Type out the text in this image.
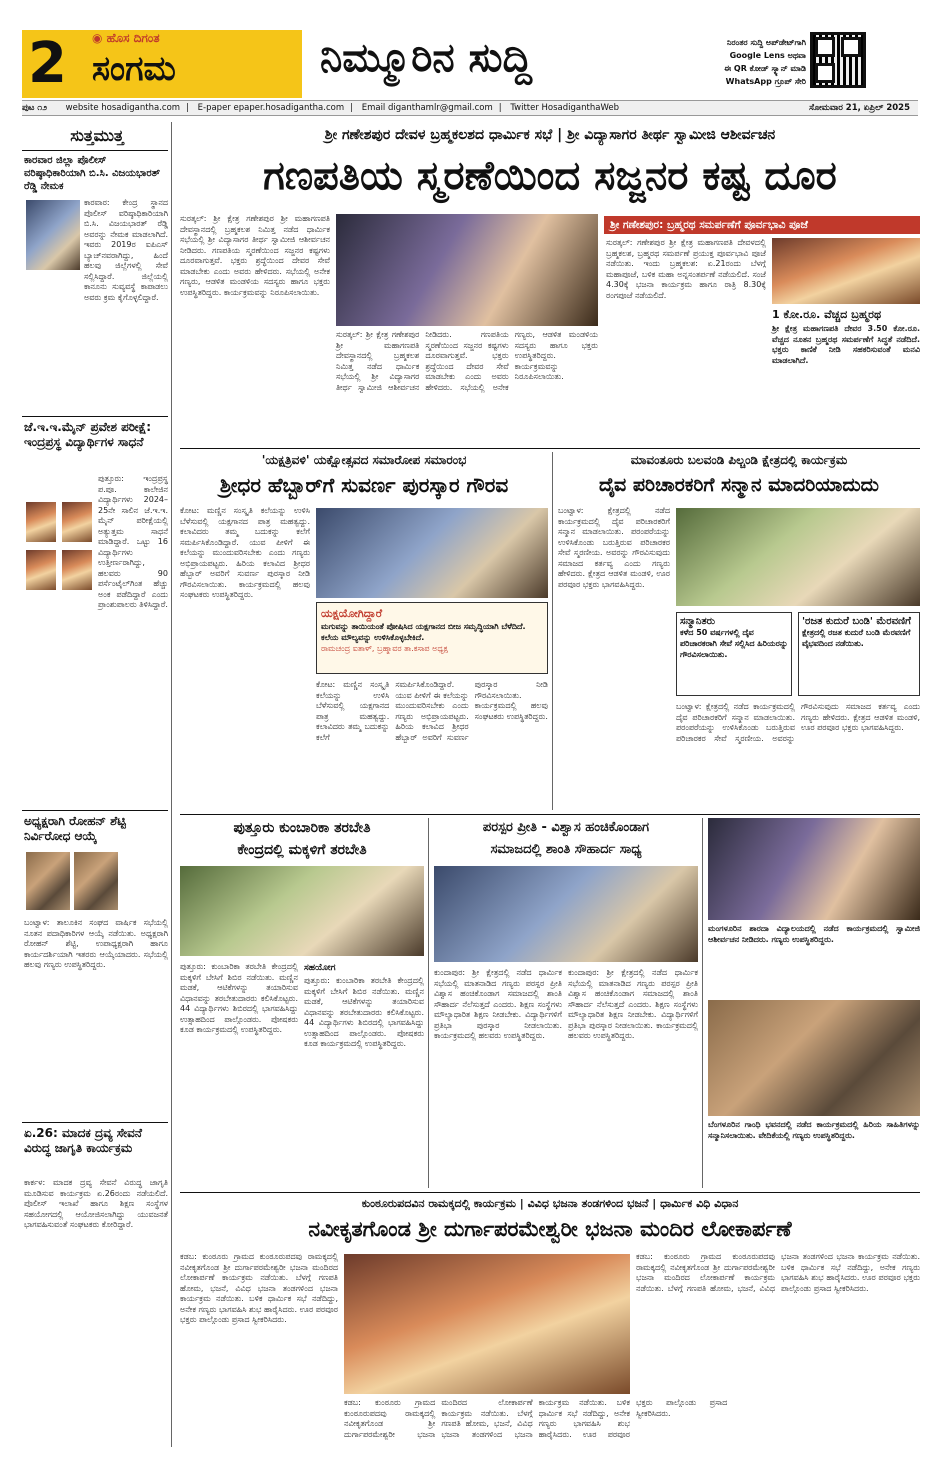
2 ◉ ಹೊಸ ದಿಗಂತ
ಸಂಗಮ	ನಿಮ್ಮೂರಿನ ಸುದ್ದಿ	ನಿರಂತರ ಸುದ್ದಿ ಅಪ್‌ಡೇಟ್‌ಗಾಗಿ
Google Lens ಅಥವಾ
ಈ QR ಕೋಡ್ ಸ್ಕ್ಯಾನ್ ಮಾಡಿ
WhatsApp ಗ್ರೂಪ್ ಸೇರಿ
ಪುಟ ೧೨ website hosadigantha.com | E-paper epaper.hosadigantha.com | Email diganthamlr@gmail.com | Twitter HosadiganthaWeb	ಸೋಮವಾರ 21, ಏಪ್ರಿಲ್ 2025
ಸುತ್ತಮುತ್ತ
ಕಾರವಾರ ಜಿಲ್ಲಾ ಪೊಲೀಸ್ ವರಿಷ್ಠಾಧಿಕಾರಿಯಾಗಿ ಬಿ.ಸಿ. ವಿಜಯಭಾರತ್ ರೆಡ್ಡಿ ನೇಮಕ
ಕಾರವಾರ: ಕೇಂದ್ರ ಸ್ಥಾನದ ಪೊಲೀಸ್ ವರಿಷ್ಠಾಧಿಕಾರಿಯಾಗಿ ಬಿ.ಸಿ. ವಿಜಯಭಾರತ್ ರೆಡ್ಡಿ ಅವರನ್ನು ನೇಮಕ ಮಾಡಲಾಗಿದೆ. ಇವರು 2019ರ ಐಪಿಎಸ್ ಬ್ಯಾಚ್‌ನವರಾಗಿದ್ದು, ಹಿಂದೆ ಹಲವು ಜಿಲ್ಲೆಗಳಲ್ಲಿ ಸೇವೆ ಸಲ್ಲಿಸಿದ್ದಾರೆ. ಜಿಲ್ಲೆಯಲ್ಲಿ ಕಾನೂನು ಸುವ್ಯವಸ್ಥೆ ಕಾಪಾಡಲು ಅವರು ಕ್ರಮ ಕೈಗೊಳ್ಳಲಿದ್ದಾರೆ.
ಜೆ.ಇ.ಇ.ಮೈನ್ ಪ್ರವೇಶ ಪರೀಕ್ಷೆ: ಇಂದ್ರಪ್ರಸ್ಥ ವಿದ್ಯಾರ್ಥಿಗಳ ಸಾಧನೆ
ಪುತ್ತೂರು: ಇಂದ್ರಪ್ರಸ್ಥ ಪ.ಪೂ. ಕಾಲೇಜಿನ ವಿದ್ಯಾರ್ಥಿಗಳು 2024–25ನೇ ಸಾಲಿನ ಜೆ.ಇ.ಇ. ಮೈನ್ ಪರೀಕ್ಷೆಯಲ್ಲಿ ಅತ್ಯುತ್ತಮ ಸಾಧನೆ ಮಾಡಿದ್ದಾರೆ. ಒಟ್ಟು 16 ವಿದ್ಯಾರ್ಥಿಗಳು ಉತ್ತೀರ್ಣರಾಗಿದ್ದು, ಹಲವರು 90 ಪರ್ಸೆಂಟೈಲ್‌ಗಿಂತ ಹೆಚ್ಚು ಅಂಕ ಪಡೆದಿದ್ದಾರೆ ಎಂದು ಪ್ರಾಂಶುಪಾಲರು ತಿಳಿಸಿದ್ದಾರೆ.
ಅಧ್ಯಕ್ಷರಾಗಿ ರೋಹನ್ ಶೆಟ್ಟಿ ನಿರ್ವಿರೋಧ ಆಯ್ಕೆ
ಬಂಟ್ವಾಳ: ತಾಲೂಕಿನ ಸಂಘದ ವಾರ್ಷಿಕ ಸಭೆಯಲ್ಲಿ ನೂತನ ಪದಾಧಿಕಾರಿಗಳ ಆಯ್ಕೆ ನಡೆಯಿತು. ಅಧ್ಯಕ್ಷರಾಗಿ ರೋಹನ್ ಶೆಟ್ಟಿ, ಉಪಾಧ್ಯಕ್ಷರಾಗಿ ಹಾಗೂ ಕಾರ್ಯದರ್ಶಿಯಾಗಿ ಇತರರು ಆಯ್ಕೆಯಾದರು. ಸಭೆಯಲ್ಲಿ ಹಲವು ಗಣ್ಯರು ಉಪಸ್ಥಿತರಿದ್ದರು.
ಏ.26: ಮಾದಕ ದ್ರವ್ಯ ಸೇವನೆ ವಿರುದ್ಧ ಜಾಗೃತಿ ಕಾರ್ಯಕ್ರಮ
ಕಾರ್ಕಳ: ಮಾದಕ ದ್ರವ್ಯ ಸೇವನೆ ವಿರುದ್ಧ ಜಾಗೃತಿ ಮೂಡಿಸುವ ಕಾರ್ಯಕ್ರಮ ಏ.26ರಂದು ನಡೆಯಲಿದೆ. ಪೊಲೀಸ್ ಇಲಾಖೆ ಹಾಗೂ ಶಿಕ್ಷಣ ಸಂಸ್ಥೆಗಳ ಸಹಯೋಗದಲ್ಲಿ ಆಯೋಜಿಸಲಾಗಿದ್ದು ಯುವಜನತೆ ಭಾಗವಹಿಸುವಂತೆ ಸಂಘಟಕರು ಕೋರಿದ್ದಾರೆ.
ಶ್ರೀ ಗಣೇಶಪುರ ದೇವಳ ಬ್ರಹ್ಮಕಲಶದ ಧಾರ್ಮಿಕ ಸಭೆ | ಶ್ರೀ ವಿದ್ಯಾಸಾಗರ ತೀರ್ಥ ಸ್ವಾಮೀಜಿ ಆಶೀರ್ವಚನ
ಗಣಪತಿಯ ಸ್ಮರಣೆಯಿಂದ ಸಜ್ಜನರ ಕಷ್ಟ ದೂರ
ಸುರತ್ಕಲ್: ಶ್ರೀ ಕ್ಷೇತ್ರ ಗಣೇಶಪುರ ಶ್ರೀ ಮಹಾಗಣಪತಿ ದೇವಸ್ಥಾನದಲ್ಲಿ ಬ್ರಹ್ಮಕಲಶ ನಿಮಿತ್ತ ನಡೆದ ಧಾರ್ಮಿಕ ಸಭೆಯಲ್ಲಿ ಶ್ರೀ ವಿದ್ಯಾಸಾಗರ ತೀರ್ಥ ಸ್ವಾಮೀಜಿ ಆಶೀರ್ವಚನ ನೀಡಿದರು. ಗಣಪತಿಯ ಸ್ಮರಣೆಯಿಂದ ಸಜ್ಜನರ ಕಷ್ಟಗಳು ದೂರವಾಗುತ್ತವೆ. ಭಕ್ತರು ಶ್ರದ್ಧೆಯಿಂದ ದೇವರ ಸೇವೆ ಮಾಡಬೇಕು ಎಂದು ಅವರು ಹೇಳಿದರು. ಸಭೆಯಲ್ಲಿ ಅನೇಕ ಗಣ್ಯರು, ಆಡಳಿತ ಮಂಡಳಿಯ ಸದಸ್ಯರು ಹಾಗೂ ಭಕ್ತರು ಉಪಸ್ಥಿತರಿದ್ದರು. ಕಾರ್ಯಕ್ರಮವನ್ನು ನಿರೂಪಿಸಲಾಯಿತು.
ಸುರತ್ಕಲ್: ಶ್ರೀ ಕ್ಷೇತ್ರ ಗಣೇಶಪುರ ಶ್ರೀ ಮಹಾಗಣಪತಿ ದೇವಸ್ಥಾನದಲ್ಲಿ ಬ್ರಹ್ಮಕಲಶ ನಿಮಿತ್ತ ನಡೆದ ಧಾರ್ಮಿಕ ಸಭೆಯಲ್ಲಿ ಶ್ರೀ ವಿದ್ಯಾಸಾಗರ ತೀರ್ಥ ಸ್ವಾಮೀಜಿ ಆಶೀರ್ವಚನ ನೀಡಿದರು. ಗಣಪತಿಯ ಸ್ಮರಣೆಯಿಂದ ಸಜ್ಜನರ ಕಷ್ಟಗಳು ದೂರವಾಗುತ್ತವೆ. ಭಕ್ತರು ಶ್ರದ್ಧೆಯಿಂದ ದೇವರ ಸೇವೆ ಮಾಡಬೇಕು ಎಂದು ಅವರು ಹೇಳಿದರು. ಸಭೆಯಲ್ಲಿ ಅನೇಕ ಗಣ್ಯರು, ಆಡಳಿತ ಮಂಡಳಿಯ ಸದಸ್ಯರು ಹಾಗೂ ಭಕ್ತರು ಉಪಸ್ಥಿತರಿದ್ದರು. ಕಾರ್ಯಕ್ರಮವನ್ನು ನಿರೂಪಿಸಲಾಯಿತು.
ಶ್ರೀ ಗಣೇಶಪುರ: ಬ್ರಹ್ಮರಥ ಸಮರ್ಪಣೆಗೆ ಪೂರ್ವಭಾವಿ ಪೂಜೆ
ಸುರತ್ಕಲ್: ಗಣೇಶಪುರ ಶ್ರೀ ಕ್ಷೇತ್ರ ಮಹಾಗಣಪತಿ ದೇವಳದಲ್ಲಿ ಬ್ರಹ್ಮಕಲಶ, ಬ್ರಹ್ಮರಥ ಸಮರ್ಪಣೆ ಪ್ರಯುಕ್ತ ಪೂರ್ವಭಾವಿ ಪೂಜೆ ನಡೆಯಿತು. ಇಂದು ಬ್ರಹ್ಮಕಲಶ: ಏ.21ರಂದು ಬೆಳಗ್ಗೆ ಮಹಾಪೂಜೆ, ಬಳಿಕ ಮಹಾ ಅನ್ನಸಂತರ್ಪಣೆ ನಡೆಯಲಿದೆ. ಸಂಜೆ 4.30ಕ್ಕೆ ಭಜನಾ ಕಾರ್ಯಕ್ರಮ ಹಾಗೂ ರಾತ್ರಿ 8.30ಕ್ಕೆ ರಂಗಪೂಜೆ ನಡೆಯಲಿದೆ.
1 ಕೋ.ರೂ. ವೆಚ್ಚದ ಬ್ರಹ್ಮರಥ
ಶ್ರೀ ಕ್ಷೇತ್ರ ಮಹಾಗಣಪತಿ ದೇವರ 3.50 ಕೋ.ರೂ. ವೆಚ್ಚದ ನೂತನ ಬ್ರಹ್ಮರಥ ಸಮರ್ಪಣೆಗೆ ಸಿದ್ಧತೆ ನಡೆದಿದೆ. ಭಕ್ತರು ಕಾಣಿಕೆ ನೀಡಿ ಸಹಕರಿಸುವಂತೆ ಮನವಿ ಮಾಡಲಾಗಿದೆ.
'ಯಕ್ಷತ್ರಿವಳಿ' ಯಕ್ಷೋತ್ಸವದ ಸಮಾರೋಪ ಸಮಾರಂಭ
ಶ್ರೀಧರ ಹೆಬ್ಬಾರ್‌ಗೆ ಸುವರ್ಣ ಪುರಸ್ಕಾರ ಗೌರವ
ಕೋಟ: ಮಣ್ಣಿನ ಸಂಸ್ಕೃತಿ ಕಲೆಯನ್ನು ಉಳಿಸಿ ಬೆಳೆಸುವಲ್ಲಿ ಯಕ್ಷಗಾನದ ಪಾತ್ರ ಮಹತ್ವದ್ದು. ಕಲಾವಿದರು ತಮ್ಮ ಬದುಕನ್ನು ಕಲೆಗೆ ಸಮರ್ಪಿಸಿಕೊಂಡಿದ್ದಾರೆ. ಯುವ ಪೀಳಿಗೆ ಈ ಕಲೆಯನ್ನು ಮುಂದುವರಿಸಬೇಕು ಎಂದು ಗಣ್ಯರು ಅಭಿಪ್ರಾಯಪಟ್ಟರು. ಹಿರಿಯ ಕಲಾವಿದ ಶ್ರೀಧರ ಹೆಬ್ಬಾರ್ ಅವರಿಗೆ ಸುವರ್ಣ ಪುರಸ್ಕಾರ ನೀಡಿ ಗೌರವಿಸಲಾಯಿತು. ಕಾರ್ಯಕ್ರಮದಲ್ಲಿ ಹಲವು ಸಂಘಟಕರು ಉಪಸ್ಥಿತರಿದ್ದರು.
ಯಕ್ಷಯೋಗಿದ್ದಾರೆ
ಮಗುವನ್ನು ತಾಯಿಯಂತೆ ಪೋಷಿಸಿದ ಯಕ್ಷಗಾನದ ಬೀಜ ಸಮೃದ್ಧಿಯಾಗಿ ಬೆಳೆದಿದೆ. ಕಲೆಯ ಮೌಲ್ಯವನ್ನು ಉಳಿಸಿಕೊಳ್ಳಬೇಕಿದೆ.
ರಾಮಚಂದ್ರ ಐತಾಳ್, ಬ್ರಹ್ಮಾವರ ತಾ.ಕಸಾಪ ಅಧ್ಯಕ್ಷ
ಕೋಟ: ಮಣ್ಣಿನ ಸಂಸ್ಕೃತಿ ಕಲೆಯನ್ನು ಉಳಿಸಿ ಬೆಳೆಸುವಲ್ಲಿ ಯಕ್ಷಗಾನದ ಪಾತ್ರ ಮಹತ್ವದ್ದು. ಕಲಾವಿದರು ತಮ್ಮ ಬದುಕನ್ನು ಕಲೆಗೆ ಸಮರ್ಪಿಸಿಕೊಂಡಿದ್ದಾರೆ. ಯುವ ಪೀಳಿಗೆ ಈ ಕಲೆಯನ್ನು ಮುಂದುವರಿಸಬೇಕು ಎಂದು ಗಣ್ಯರು ಅಭಿಪ್ರಾಯಪಟ್ಟರು. ಹಿರಿಯ ಕಲಾವಿದ ಶ್ರೀಧರ ಹೆಬ್ಬಾರ್ ಅವರಿಗೆ ಸುವರ್ಣ ಪುರಸ್ಕಾರ ನೀಡಿ ಗೌರವಿಸಲಾಯಿತು. ಕಾರ್ಯಕ್ರಮದಲ್ಲಿ ಹಲವು ಸಂಘಟಕರು ಉಪಸ್ಥಿತರಿದ್ದರು.
ಮಾವಂತೂರು ಬಲವಂಡಿ ಪಿಲ್ಚಂಡಿ ಕ್ಷೇತ್ರದಲ್ಲಿ ಕಾರ್ಯಕ್ರಮ
ದೈವ ಪರಿಚಾರಕರಿಗೆ ಸನ್ಮಾನ ಮಾದರಿಯಾದುದು
ಬಂಟ್ವಾಳ: ಕ್ಷೇತ್ರದಲ್ಲಿ ನಡೆದ ಕಾರ್ಯಕ್ರಮದಲ್ಲಿ ದೈವ ಪರಿಚಾರಕರಿಗೆ ಸನ್ಮಾನ ಮಾಡಲಾಯಿತು. ಪರಂಪರೆಯನ್ನು ಉಳಿಸಿಕೊಂಡು ಬರುತ್ತಿರುವ ಪರಿಚಾರಕರ ಸೇವೆ ಸ್ಮರಣೀಯ. ಅವರನ್ನು ಗೌರವಿಸುವುದು ಸಮಾಜದ ಕರ್ತವ್ಯ ಎಂದು ಗಣ್ಯರು ಹೇಳಿದರು. ಕ್ಷೇತ್ರದ ಆಡಳಿತ ಮಂಡಳಿ, ಊರ ಪರವೂರ ಭಕ್ತರು ಭಾಗವಹಿಸಿದ್ದರು.
ಸನ್ಮಾನಿತರು
ಕಳೆದ 50 ವರ್ಷಗಳಲ್ಲಿ ದೈವ ಪರಿಚಾರಕರಾಗಿ ಸೇವೆ ಸಲ್ಲಿಸಿದ ಹಿರಿಯರನ್ನು ಗೌರವಿಸಲಾಯಿತು.
'ರಜತ ಕುದುರೆ ಬಂಡಿ' ಮೆರವಣಿಗೆ
ಕ್ಷೇತ್ರದಲ್ಲಿ ರಜತ ಕುದುರೆ ಬಂಡಿ ಮೆರವಣಿಗೆ ವೈಭವದಿಂದ ನಡೆಯಿತು.
ಬಂಟ್ವಾಳ: ಕ್ಷೇತ್ರದಲ್ಲಿ ನಡೆದ ಕಾರ್ಯಕ್ರಮದಲ್ಲಿ ದೈವ ಪರಿಚಾರಕರಿಗೆ ಸನ್ಮಾನ ಮಾಡಲಾಯಿತು. ಪರಂಪರೆಯನ್ನು ಉಳಿಸಿಕೊಂಡು ಬರುತ್ತಿರುವ ಪರಿಚಾರಕರ ಸೇವೆ ಸ್ಮರಣೀಯ. ಅವರನ್ನು ಗೌರವಿಸುವುದು ಸಮಾಜದ ಕರ್ತವ್ಯ ಎಂದು ಗಣ್ಯರು ಹೇಳಿದರು. ಕ್ಷೇತ್ರದ ಆಡಳಿತ ಮಂಡಳಿ, ಊರ ಪರವೂರ ಭಕ್ತರು ಭಾಗವಹಿಸಿದ್ದರು.
ಪುತ್ತೂರು ಕುಂಬಾರಿಕಾ ತರಬೇತಿ
ಕೇಂದ್ರದಲ್ಲಿ ಮಕ್ಕಳಿಗೆ ತರಬೇತಿ
ಪುತ್ತೂರು: ಕುಂಬಾರಿಕಾ ತರಬೇತಿ ಕೇಂದ್ರದಲ್ಲಿ ಮಕ್ಕಳಿಗೆ ಬೇಸಿಗೆ ಶಿಬಿರ ನಡೆಯಿತು. ಮಣ್ಣಿನ ಮಡಕೆ, ಆಟಿಕೆಗಳನ್ನು ತಯಾರಿಸುವ ವಿಧಾನವನ್ನು ತರಬೇತುದಾರರು ಕಲಿಸಿಕೊಟ್ಟರು. 44 ವಿದ್ಯಾರ್ಥಿಗಳು ಶಿಬಿರದಲ್ಲಿ ಭಾಗವಹಿಸಿದ್ದು ಉತ್ಸಾಹದಿಂದ ಪಾಲ್ಗೊಂಡರು. ಪೋಷಕರು ಕೂಡ ಕಾರ್ಯಕ್ರಮದಲ್ಲಿ ಉಪಸ್ಥಿತರಿದ್ದರು.
ಸಹಯೋಗ
ಪುತ್ತೂರು: ಕುಂಬಾರಿಕಾ ತರಬೇತಿ ಕೇಂದ್ರದಲ್ಲಿ ಮಕ್ಕಳಿಗೆ ಬೇಸಿಗೆ ಶಿಬಿರ ನಡೆಯಿತು. ಮಣ್ಣಿನ ಮಡಕೆ, ಆಟಿಕೆಗಳನ್ನು ತಯಾರಿಸುವ ವಿಧಾನವನ್ನು ತರಬೇತುದಾರರು ಕಲಿಸಿಕೊಟ್ಟರು. 44 ವಿದ್ಯಾರ್ಥಿಗಳು ಶಿಬಿರದಲ್ಲಿ ಭಾಗವಹಿಸಿದ್ದು ಉತ್ಸಾಹದಿಂದ ಪಾಲ್ಗೊಂಡರು. ಪೋಷಕರು ಕೂಡ ಕಾರ್ಯಕ್ರಮದಲ್ಲಿ ಉಪಸ್ಥಿತರಿದ್ದರು.
ಪರಸ್ಪರ ಪ್ರೀತಿ - ವಿಶ್ವಾಸ ಹಂಚಿಕೊಂಡಾಗ
ಸಮಾಜದಲ್ಲಿ ಶಾಂತಿ ಸೌಹಾರ್ದ ಸಾಧ್ಯ
ಕುಂದಾಪುರ: ಶ್ರೀ ಕ್ಷೇತ್ರದಲ್ಲಿ ನಡೆದ ಧಾರ್ಮಿಕ ಸಭೆಯಲ್ಲಿ ಮಾತನಾಡಿದ ಗಣ್ಯರು ಪರಸ್ಪರ ಪ್ರೀತಿ ವಿಶ್ವಾಸ ಹಂಚಿಕೊಂಡಾಗ ಸಮಾಜದಲ್ಲಿ ಶಾಂತಿ ಸೌಹಾರ್ದ ನೆಲೆಸುತ್ತದೆ ಎಂದರು. ಶಿಕ್ಷಣ ಸಂಸ್ಥೆಗಳು ಮೌಲ್ಯಾಧಾರಿತ ಶಿಕ್ಷಣ ನೀಡಬೇಕು. ವಿದ್ಯಾರ್ಥಿಗಳಿಗೆ ಪ್ರತಿಭಾ ಪುರಸ್ಕಾರ ನೀಡಲಾಯಿತು. ಕಾರ್ಯಕ್ರಮದಲ್ಲಿ ಹಲವರು ಉಪಸ್ಥಿತರಿದ್ದರು.
ಕುಂದಾಪುರ: ಶ್ರೀ ಕ್ಷೇತ್ರದಲ್ಲಿ ನಡೆದ ಧಾರ್ಮಿಕ ಸಭೆಯಲ್ಲಿ ಮಾತನಾಡಿದ ಗಣ್ಯರು ಪರಸ್ಪರ ಪ್ರೀತಿ ವಿಶ್ವಾಸ ಹಂಚಿಕೊಂಡಾಗ ಸಮಾಜದಲ್ಲಿ ಶಾಂತಿ ಸೌಹಾರ್ದ ನೆಲೆಸುತ್ತದೆ ಎಂದರು. ಶಿಕ್ಷಣ ಸಂಸ್ಥೆಗಳು ಮೌಲ್ಯಾಧಾರಿತ ಶಿಕ್ಷಣ ನೀಡಬೇಕು. ವಿದ್ಯಾರ್ಥಿಗಳಿಗೆ ಪ್ರತಿಭಾ ಪುರಸ್ಕಾರ ನೀಡಲಾಯಿತು. ಕಾರ್ಯಕ್ರಮದಲ್ಲಿ ಹಲವರು ಉಪಸ್ಥಿತರಿದ್ದರು.
ಮಂಗಳೂರಿನ ಶಾರದಾ ವಿದ್ಯಾಲಯದಲ್ಲಿ ನಡೆದ ಕಾರ್ಯಕ್ರಮದಲ್ಲಿ ಸ್ವಾಮೀಜಿ ಆಶೀರ್ವಚನ ನೀಡಿದರು. ಗಣ್ಯರು ಉಪಸ್ಥಿತರಿದ್ದರು.
ಬೆಂಗಳೂರಿನ ಗಾಂಧಿ ಭವನದಲ್ಲಿ ನಡೆದ ಕಾರ್ಯಕ್ರಮದಲ್ಲಿ ಹಿರಿಯ ಸಾಹಿತಿಗಳನ್ನು ಸನ್ಮಾನಿಸಲಾಯಿತು. ವೇದಿಕೆಯಲ್ಲಿ ಗಣ್ಯರು ಉಪಸ್ಥಿತರಿದ್ದರು.
ಕುಂಠೂರುಪದವಿನ ರಾಮಕ್ಕದಲ್ಲಿ ಕಾರ್ಯಕ್ರಮ | ವಿವಿಧ ಭಜನಾ ತಂಡಗಳಿಂದ ಭಜನೆ | ಧಾರ್ಮಿಕ ವಿಧಿ ವಿಧಾನ
ನವೀಕೃತಗೊಂಡ ಶ್ರೀ ದುರ್ಗಾಪರಮೇಶ್ವರೀ ಭಜನಾ ಮಂದಿರ ಲೋಕಾರ್ಪಣೆ
ಕಡಬ: ಕುಂಠೂರು ಗ್ರಾಮದ ಕುಂಠೂರುಪದವು ರಾಮಕ್ಕದಲ್ಲಿ ನವೀಕೃತಗೊಂಡ ಶ್ರೀ ದುರ್ಗಾಪರಮೇಶ್ವರೀ ಭಜನಾ ಮಂದಿರದ ಲೋಕಾರ್ಪಣೆ ಕಾರ್ಯಕ್ರಮ ನಡೆಯಿತು. ಬೆಳಗ್ಗೆ ಗಣಪತಿ ಹೋಮ, ಭಜನೆ, ವಿವಿಧ ಭಜನಾ ತಂಡಗಳಿಂದ ಭಜನಾ ಕಾರ್ಯಕ್ರಮ ನಡೆಯಿತು. ಬಳಿಕ ಧಾರ್ಮಿಕ ಸಭೆ ನಡೆದಿದ್ದು, ಅನೇಕ ಗಣ್ಯರು ಭಾಗವಹಿಸಿ ಶುಭ ಹಾರೈಸಿದರು. ಊರ ಪರವೂರ ಭಕ್ತರು ಪಾಲ್ಗೊಂಡು ಪ್ರಸಾದ ಸ್ವೀಕರಿಸಿದರು.
ಕಡಬ: ಕುಂಠೂರು ಗ್ರಾಮದ ಕುಂಠೂರುಪದವು ರಾಮಕ್ಕದಲ್ಲಿ ನವೀಕೃತಗೊಂಡ ಶ್ರೀ ದುರ್ಗಾಪರಮೇಶ್ವರೀ ಭಜನಾ ಮಂದಿರದ ಲೋಕಾರ್ಪಣೆ ಕಾರ್ಯಕ್ರಮ ನಡೆಯಿತು. ಬೆಳಗ್ಗೆ ಗಣಪತಿ ಹೋಮ, ಭಜನೆ, ವಿವಿಧ ಭಜನಾ ತಂಡಗಳಿಂದ ಭಜನಾ ಕಾರ್ಯಕ್ರಮ ನಡೆಯಿತು. ಬಳಿಕ ಧಾರ್ಮಿಕ ಸಭೆ ನಡೆದಿದ್ದು, ಅನೇಕ ಗಣ್ಯರು ಭಾಗವಹಿಸಿ ಶುಭ ಹಾರೈಸಿದರು. ಊರ ಪರವೂರ ಭಕ್ತರು ಪಾಲ್ಗೊಂಡು ಪ್ರಸಾದ ಸ್ವೀಕರಿಸಿದರು.
ಕಡಬ: ಕುಂಠೂರು ಗ್ರಾಮದ ಕುಂಠೂರುಪದವು ರಾಮಕ್ಕದಲ್ಲಿ ನವೀಕೃತಗೊಂಡ ಶ್ರೀ ದುರ್ಗಾಪರಮೇಶ್ವರೀ ಭಜನಾ ಮಂದಿರದ ಲೋಕಾರ್ಪಣೆ ಕಾರ್ಯಕ್ರಮ ನಡೆಯಿತು. ಬೆಳಗ್ಗೆ ಗಣಪತಿ ಹೋಮ, ಭಜನೆ, ವಿವಿಧ ಭಜನಾ ತಂಡಗಳಿಂದ ಭಜನಾ ಕಾರ್ಯಕ್ರಮ ನಡೆಯಿತು. ಬಳಿಕ ಧಾರ್ಮಿಕ ಸಭೆ ನಡೆದಿದ್ದು, ಅನೇಕ ಗಣ್ಯರು ಭಾಗವಹಿಸಿ ಶುಭ ಹಾರೈಸಿದರು. ಊರ ಪರವೂರ ಭಕ್ತರು ಪಾಲ್ಗೊಂಡು ಪ್ರಸಾದ ಸ್ವೀಕರಿಸಿದರು.
